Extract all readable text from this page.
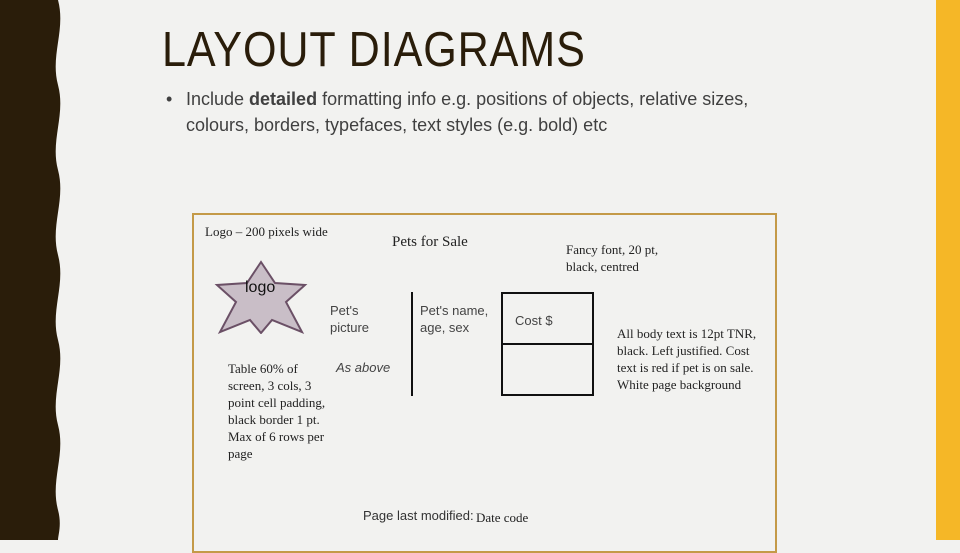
LAYOUT DIAGRAMS
• Include detailed formatting info e.g. positions of objects, relative sizes, colours, borders, typefaces, text styles (e.g. bold) etc
Logo – 200 pixels wide
Pets for Sale	Fancy font, 20 pt, black, centred
logo
Pet's picture
Pet's name, age, sex	Cost $
As above
Table 60% of screen, 3 cols, 3 point cell padding, black border 1 pt. Max of 6 rows per page
All body text is 12pt TNR, black. Left justified. Cost text is red if pet is on sale. White page background
Page last modified: Date code
